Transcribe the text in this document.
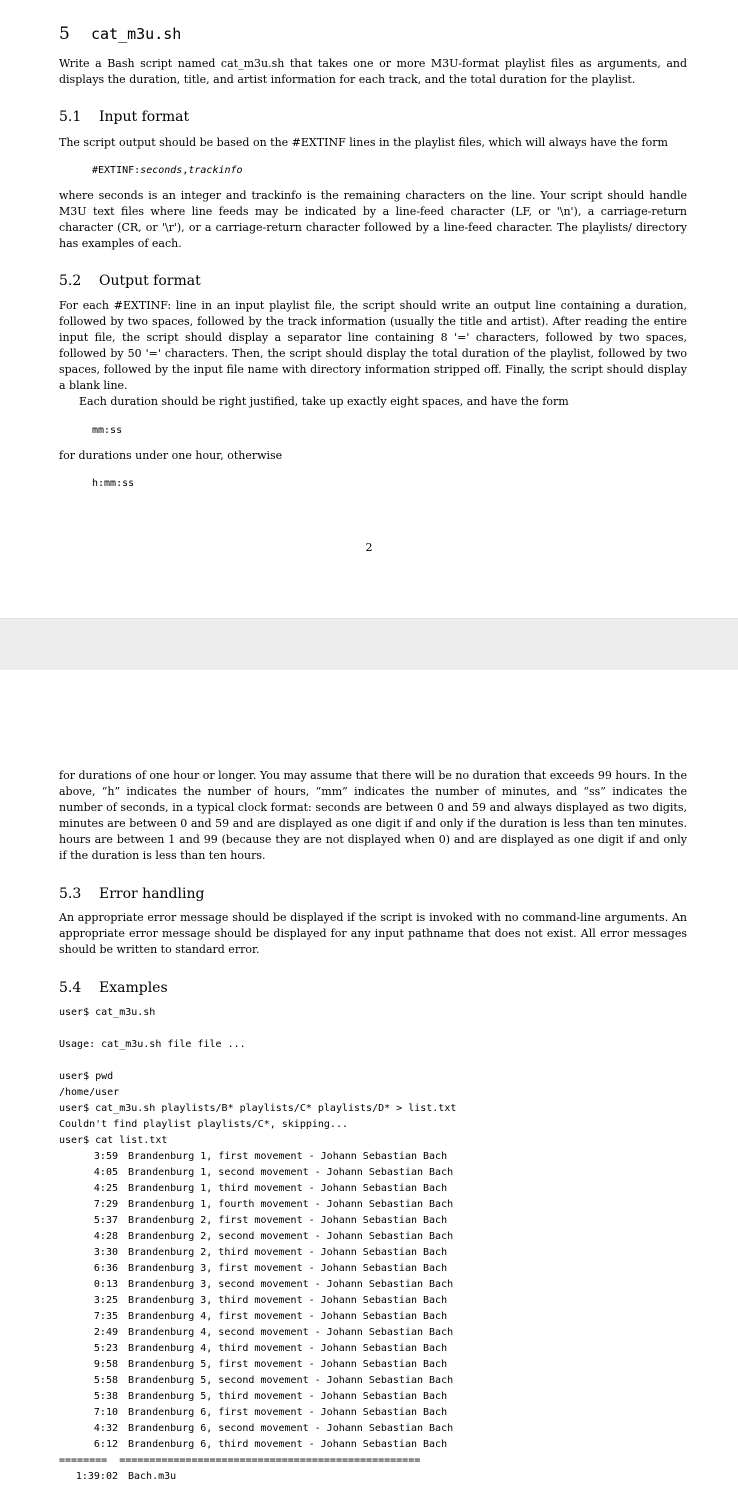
5 cat_m3u.sh

Write a Bash script named cat_m3u.sh that takes one or more M3U-format playlist files as arguments, and displays the duration, title, and artist information for each track, and the total duration for the playlist.

5.1 Input format

The script output should be based on the #EXTINF lines in the playlist files, which will always have the form

#EXTINF:seconds,trackinfo

where seconds is an integer and trackinfo is the remaining characters on the line. Your script should handle M3U text files where line feeds may be indicated by a line-feed character (LF, or '\n'), a carriage-return character (CR, or '\r'), or a carriage-return character followed by a line-feed character. The playlists/ directory has examples of each.

5.2 Output format

For each #EXTINF: line in an input playlist file, the script should write an output line containing a duration, followed by two spaces, followed by the track information (usually the title and artist). After reading the entire input file, the script should display a separator line containing 8 '=' characters, followed by two spaces, followed by 50 '=' characters. Then, the script should display the total duration of the playlist, followed by two spaces, followed by the input file name with directory information stripped off. Finally, the script should display a blank line.

Each duration should be right justified, take up exactly eight spaces, and have the form

mm:ss

for durations under one hour, otherwise

h:mm:ss
2

for durations of one hour or longer. You may assume that there will be no duration that exceeds 99 hours. In the above, “h” indicates the number of hours, “mm” indicates the number of minutes, and “ss” indicates the number of seconds, in a typical clock format: seconds are between 0 and 59 and always displayed as two digits, minutes are between 0 and 59 and are displayed as one digit if and only if the duration is less than ten minutes. hours are between 1 and 99 (because they are not displayed when 0) and are displayed as one digit if and only if the duration is less than ten hours.

5.3 Error handling

An appropriate error message should be displayed if the script is invoked with no command-line arguments. An appropriate error message should be displayed for any input pathname that does not exist. All error messages should be written to standard error.

5.4 Examples
user$ cat_m3u.sh
Usage: cat_m3u.sh file file ...
user$ pwd
/home/user
user$ cat_m3u.sh playlists/B* playlists/C* playlists/D* > list.txt
Couldn't find playlist playlists/C*, skipping...
user$ cat list.txt
3:59	Brandenburg 1, first movement - Johann Sebastian Bach
4:05	Brandenburg 1, second movement - Johann Sebastian Bach
4:25	Brandenburg 1, third movement - Johann Sebastian Bach
7:29	Brandenburg 1, fourth movement - Johann Sebastian Bach
5:37	Brandenburg 2, first movement - Johann Sebastian Bach
4:28	Brandenburg 2, second movement - Johann Sebastian Bach
3:30	Brandenburg 2, third movement - Johann Sebastian Bach
6:36	Brandenburg 3, first movement - Johann Sebastian Bach
0:13	Brandenburg 3, second movement - Johann Sebastian Bach
3:25	Brandenburg 3, third movement - Johann Sebastian Bach
7:35	Brandenburg 4, first movement - Johann Sebastian Bach
2:49	Brandenburg 4, second movement - Johann Sebastian Bach
5:23	Brandenburg 4, third movement - Johann Sebastian Bach
9:58	Brandenburg 5, first movement - Johann Sebastian Bach
5:58	Brandenburg 5, second movement - Johann Sebastian Bach
5:38	Brandenburg 5, third movement - Johann Sebastian Bach
7:10	Brandenburg 6, first movement - Johann Sebastian Bach
4:32	Brandenburg 6, second movement - Johann Sebastian Bach
6:12	Brandenburg 6, third movement - Johann Sebastian Bach
========  ==================================================
1:39:02	Bach.m3u
